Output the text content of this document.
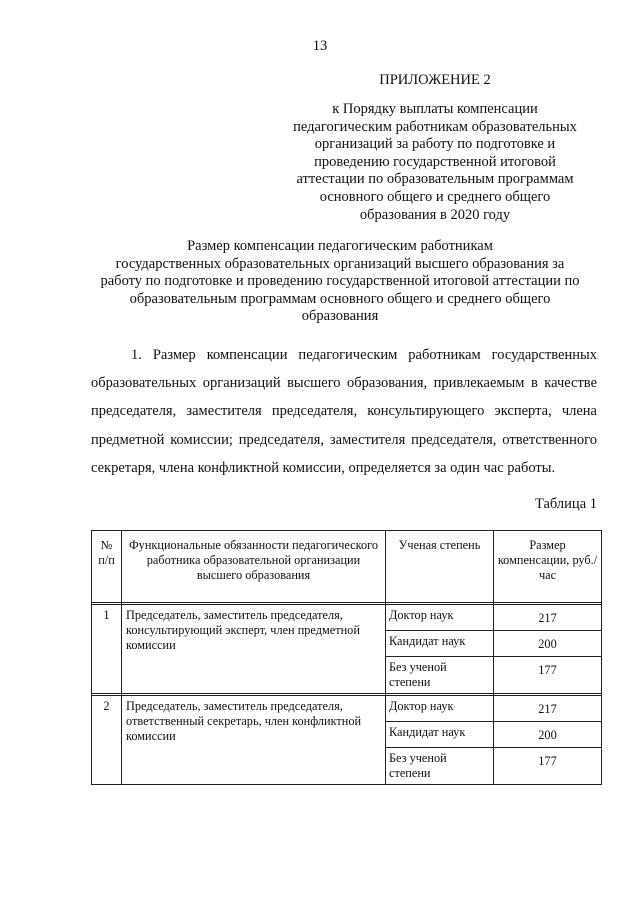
13
ПРИЛОЖЕНИЕ 2
к Порядку выплаты компенсации
педагогическим работникам образовательных
организаций за работу по подготовке и
проведению государственной итоговой
аттестации по образовательным программам
основного общего и среднего общего
образования в 2020 году
Размер компенсации педагогическим работникам
государственных образовательных организаций высшего образования за
работу по подготовке и проведению государственной итоговой аттестации по
образовательным программам основного общего и среднего общего
образования
1. Размер компенсации педагогическим работникам государственных образовательных организаций высшего образования, привлекаемым в качестве председателя, заместителя председателя, консультирующего эксперта, члена предметной комиссии; председателя, заместителя председателя, ответственного секретаря, члена конфликтной комиссии, определяется за один час работы.
Таблица 1
№ п/п	Функциональные обязанности педагогического работника образовательной организации высшего образования	Ученая степень	Размер компенсации, руб./час

1	Председатель, заместитель председателя, консультирующий эксперт, член предметной комиссии	Доктор наук	217
		Кандидат наук	200
		Без ученой степени	177

2	Председатель, заместитель председателя, ответственный секретарь, член конфликтной комиссии	Доктор наук	217
		Кандидат наук	200
		Без ученой степени	177
